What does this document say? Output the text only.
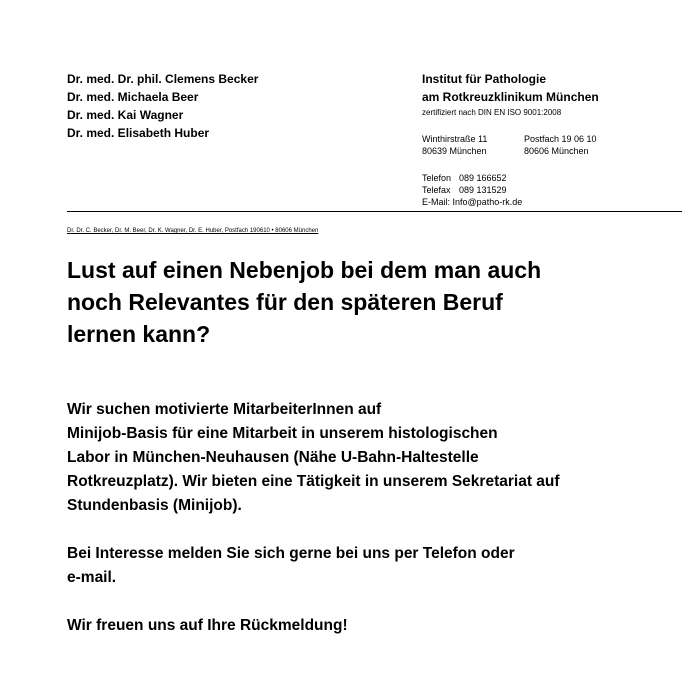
Dr. med. Dr. phil. Clemens Becker
Dr. med. Michaela Beer
Dr. med. Kai Wagner
Dr. med. Elisabeth Huber
Institut für Pathologie
am Rotkreuzklinikum München
zertifiziert nach DIN EN ISO 9001:2008
Winthirstraße 11	Postfach 19 06 10
80639 München	80606 München
Telefon 089 166652
Telefax 089 131529
E-Mail: Info@patho-rk.de
Dr. Dr. C. Becker, Dr. M. Beer, Dr. K. Wagner, Dr. E. Huber, Postfach 190610 • 80606 München
Lust auf einen Nebenjob bei dem man auch
noch Relevantes für den späteren Beruf
lernen kann?

Wir suchen motivierte MitarbeiterInnen auf
Minijob-Basis für eine Mitarbeit in unserem histologischen
Labor in München-Neuhausen (Nähe U-Bahn-Haltestelle
Rotkreuzplatz). Wir bieten eine Tätigkeit in unserem Sekretariat auf
Stundenbasis (Minijob).

Bei Interesse melden Sie sich gerne bei uns per Telefon oder
e-mail.

Wir freuen uns auf Ihre Rückmeldung!
